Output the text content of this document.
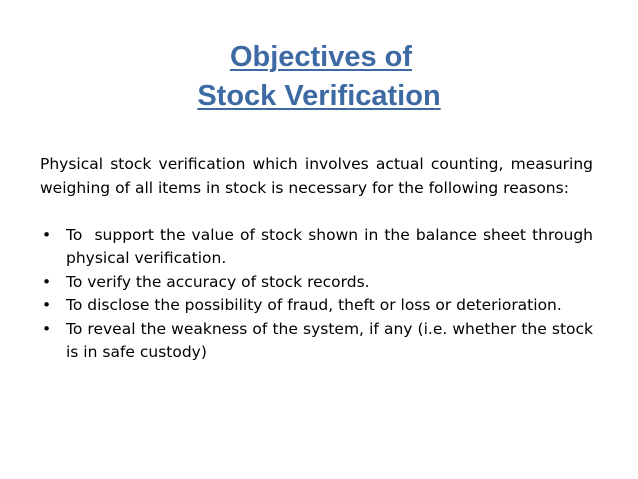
Objectives of
Stock Verification

Physical stock verification which involves actual counting, measuring weighing of all items in stock is necessary for the following reasons:

• To  support the value of stock shown in the balance sheet through   physical verification.
• To verify the accuracy of stock records.
• To disclose the possibility of fraud, theft or loss or deterioration.
• To reveal the weakness of the system, if any (i.e. whether the stock is in safe custody)
